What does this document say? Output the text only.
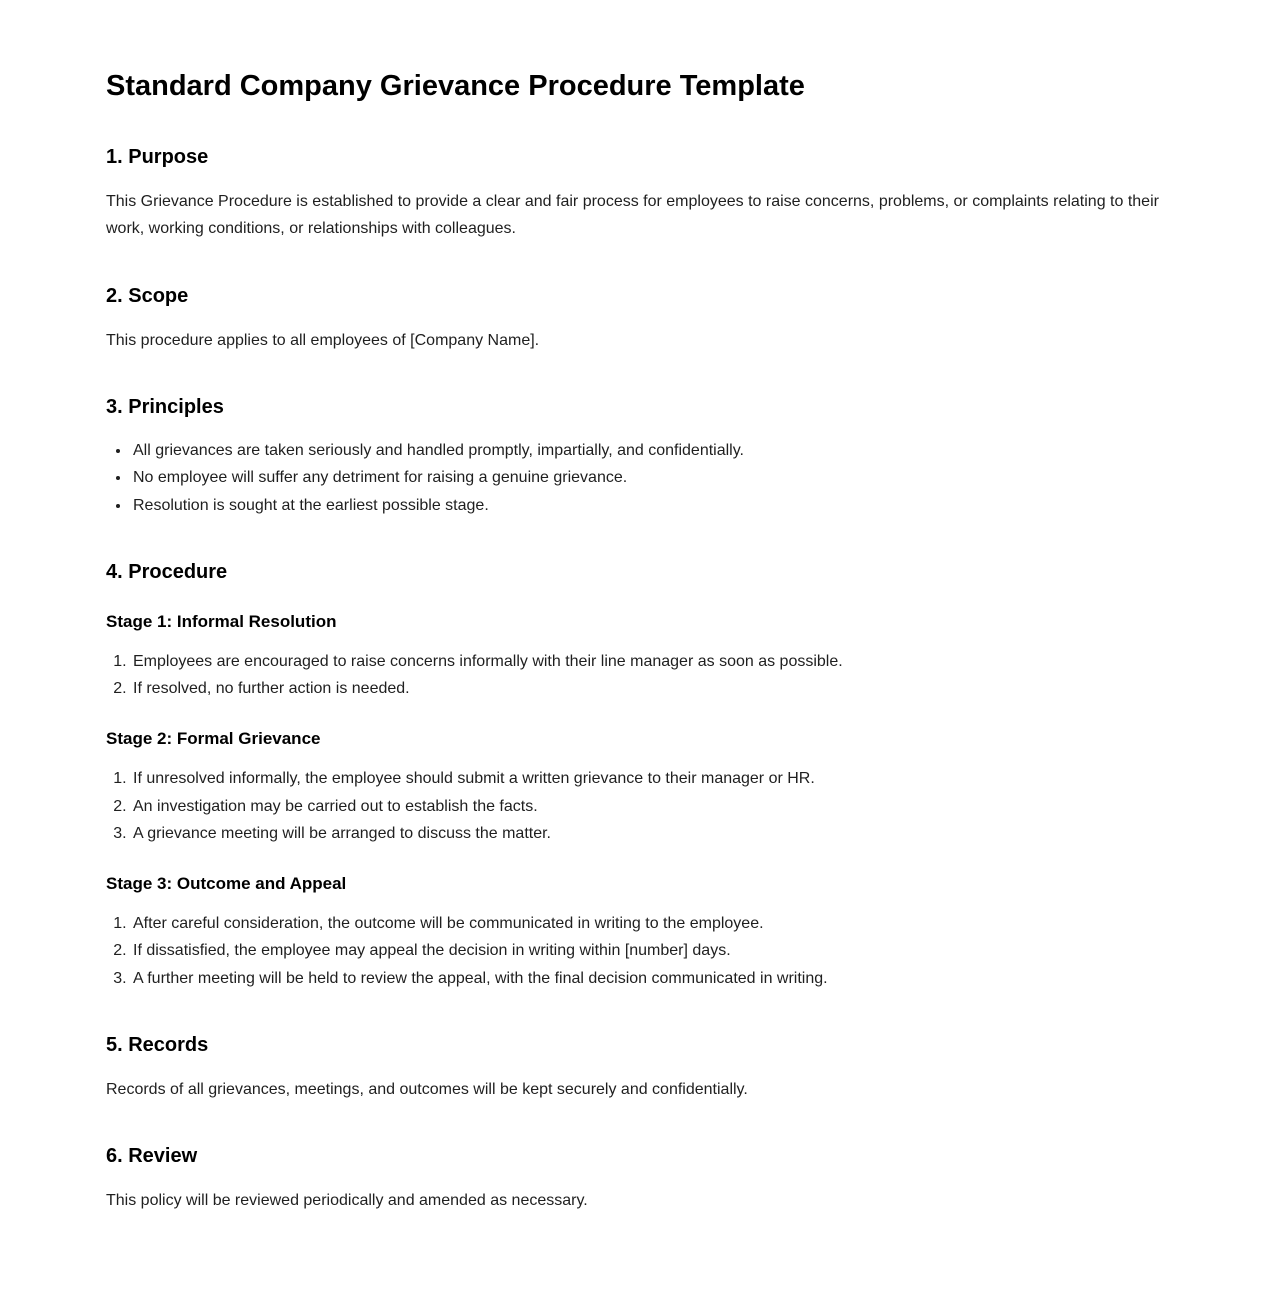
Standard Company Grievance Procedure Template
1. Purpose

This Grievance Procedure is established to provide a clear and fair process for employees to raise concerns, problems, or complaints relating to their work, working conditions, or relationships with colleagues.

2. Scope

This procedure applies to all employees of [Company Name].

3. Principles
• All grievances are taken seriously and handled promptly, impartially, and confidentially.
• No employee will suffer any detriment for raising a genuine grievance.
• Resolution is sought at the earliest possible stage.
4. Procedure
Stage 1: Informal Resolution
1. Employees are encouraged to raise concerns informally with their line manager as soon as possible.
2. If resolved, no further action is needed.
Stage 2: Formal Grievance
1. If unresolved informally, the employee should submit a written grievance to their manager or HR.
2. An investigation may be carried out to establish the facts.
3. A grievance meeting will be arranged to discuss the matter.
Stage 3: Outcome and Appeal
1. After careful consideration, the outcome will be communicated in writing to the employee.
2. If dissatisfied, the employee may appeal the decision in writing within [number] days.
3. A further meeting will be held to review the appeal, with the final decision communicated in writing.
5. Records

Records of all grievances, meetings, and outcomes will be kept securely and confidentially.

6. Review

This policy will be reviewed periodically and amended as necessary.
